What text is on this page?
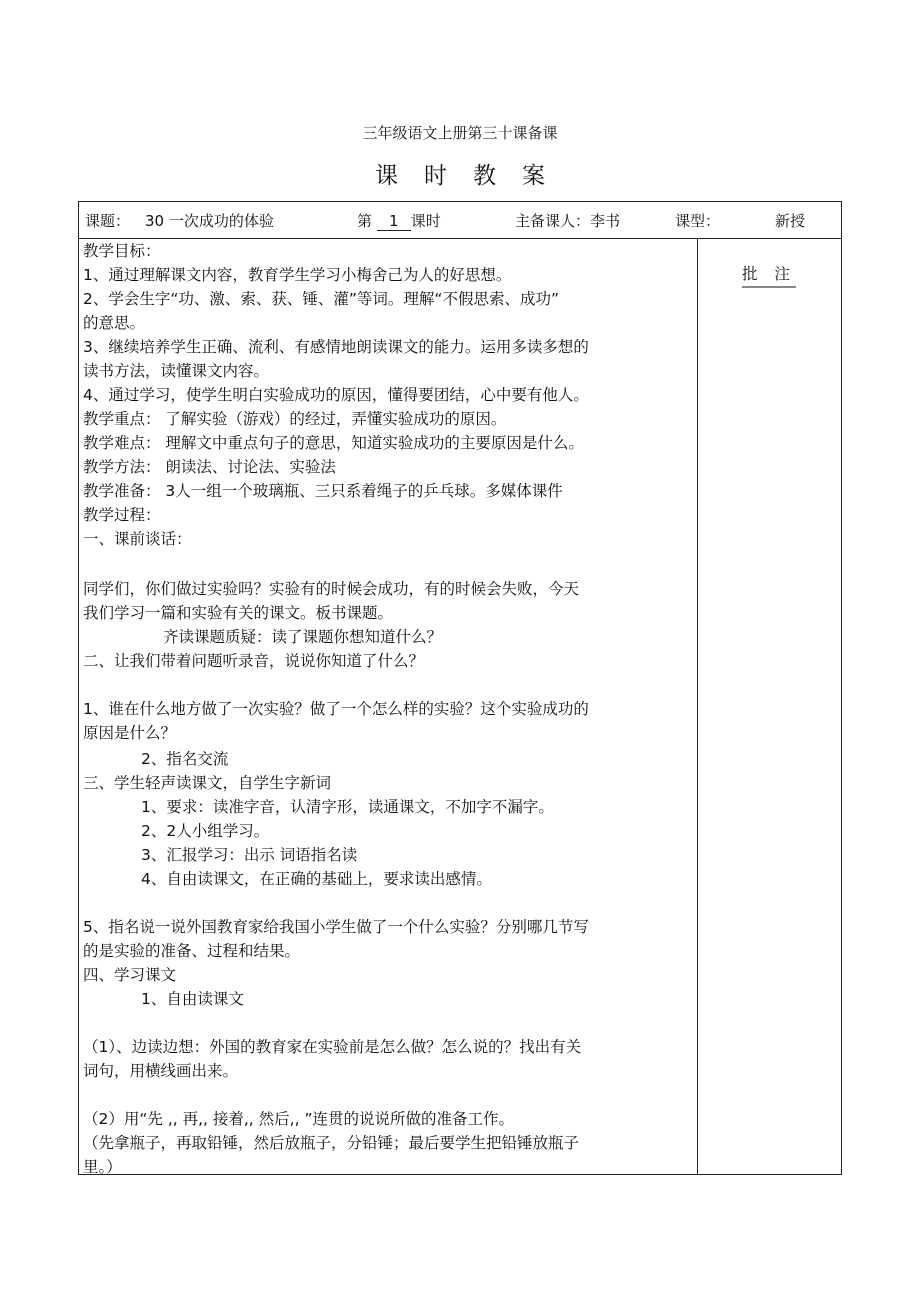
三年级语文上册第三十课备课
课时教案
课题： 30 一次成功的体验	第 1 课时	主备课人：李书	课型：	新授
教学目标：
1、通过理解课文内容，教育学生学习小梅舍己为人的好思想。
2、学会生字“功、激、索、获、锤、灌”等词。理解“不假思索、成功”
的意思。
3、继续培养学生正确、流利、有感情地朗读课文的能力。运用多读多想的
读书方法，读懂课文内容。
4、通过学习，使学生明白实验成功的原因，懂得要团结，心中要有他人。
教学重点： 了解实验（游戏）的经过，弄懂实验成功的原因。
教学难点： 理解文中重点句子的意思，知道实验成功的主要原因是什么。
教学方法： 朗读法、讨论法、实验法
教学准备： 3人一组一个玻璃瓶、三只系着绳子的乒乓球。多媒体课件
教学过程：
一、课前谈话：
同学们，你们做过实验吗？实验有的时候会成功，有的时候会失败，今天
我们学习一篇和实验有关的课文。板书课题。
齐读课题质疑：读了课题你想知道什么？
二、让我们带着问题听录音，说说你知道了什么？
1、谁在什么地方做了一次实验？做了一个怎么样的实验？这个实验成功的
原因是什么？
2、指名交流
三、学生轻声读课文，自学生字新词
1、要求：读准字音，认清字形，读通课文，不加字不漏字。
2、2人小组学习。
3、汇报学习：出示 词语指名读
4、自由读课文，在正确的基础上，要求读出感情。
5、指名说一说外国教育家给我国小学生做了一个什么实验？分别哪几节写
的是实验的准备、过程和结果。
四、学习课文
1、自由读课文
（1）、边读边想：外国的教育家在实验前是怎么做？怎么说的？找出有关
词句，用横线画出来。
（2）用“先 ,, 再,, 接着,, 然后,, ”连贯的说说所做的准备工作。
（先拿瓶子，再取铅锤，然后放瓶子，分铅锤；最后要学生把铅锤放瓶子
里。）
批 注
